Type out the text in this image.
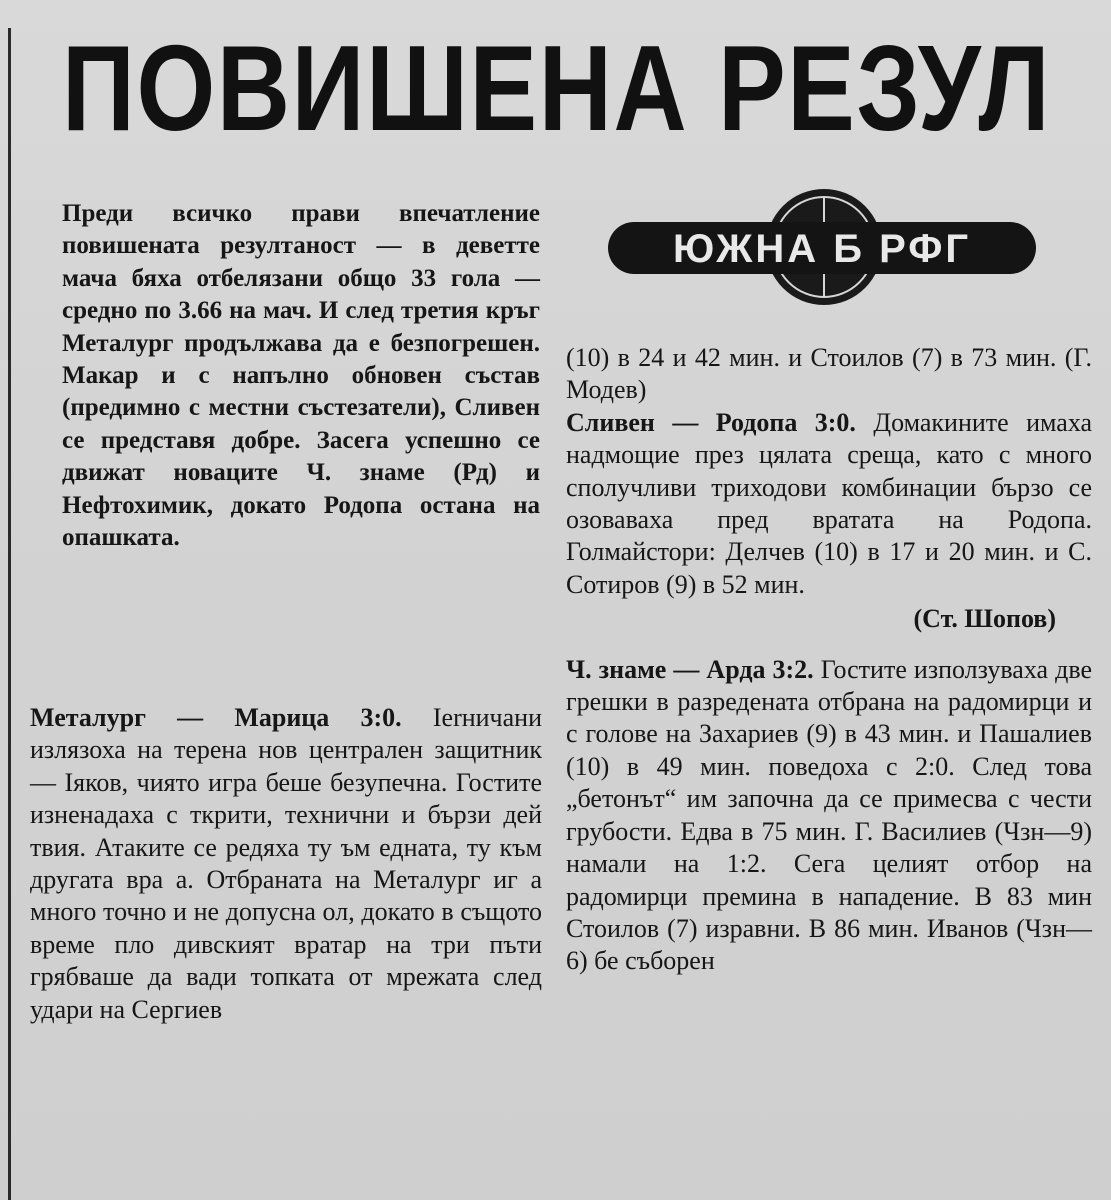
ПОВИШЕНА РЕЗУЛ
ЮЖНА Б РФГ

Преди всичко прави впечатление повишената резултаност — в деветте мача бяха отбелязани общо 33 гола — средно по 3.66 на мач. И след третия кръг Металург продължава да е безпогрешен. Макар и с напълно обновен състав (предимно с местни състезатели), Сливен се представя добре. Засега успешно се движат новаците Ч. знаме (Рд) и Нефтохимик, докато Родопа остана на опашката.

Металург — Марица 3:0. Ierничани излязоха на терена нов централен защитник — Iяков, чиято игра беше безупечна. Гостите изненадаха с ткрити, технични и бързи дей твия. Атаките се редяха ту ъм едната, ту към другата вра а. Отбраната на Металург иг а много точно и не допусна ол, докато в същото време пло дивският вратар на три пъти грябваше да вади топката от мрежата след удари на Сергиев

(10) в 24 и 42 мин. и Стоилов (7) в 73 мин. (Г. Модев)

Сливен — Родопа 3:0. Домакините имаха надмощие през цялата среща, като с много сполучливи триходови комбинации бързо се озоваваха пред вратата на Родопа. Голмайстори: Делчев (10) в 17 и 20 мин. и С. Сотиров (9) в 52 мин.

(Ст. Шопов)

Ч. знаме — Арда 3:2. Гостите използуваха две грешки в разредената отбрана на радомирци и с голове на Захариев (9) в 43 мин. и Пашалиев (10) в 49 мин. поведоха с 2:0. След това „бетонът“ им започна да се примесва с чести грубости. Едва в 75 мин. Г. Василиев (Чзн—9) намали на 1:2. Сега целият отбор на радомирци премина в нападение. В 83 мин Стоилов (7) изравни. В 86 мин. Иванов (Чзн—6) бе съборен
